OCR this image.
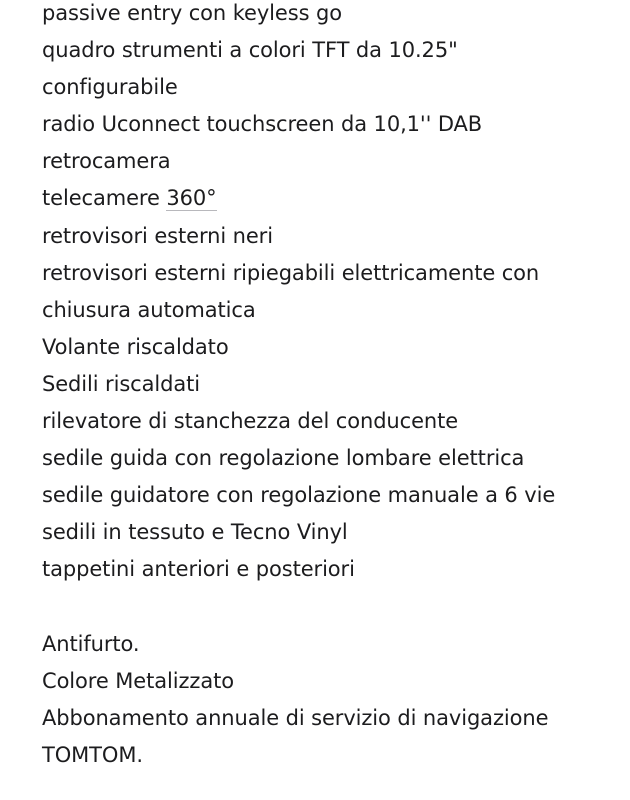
passive entry con keyless go
quadro strumenti a colori TFT da 10.25"
configurabile
radio Uconnect touchscreen da 10,1'' DAB
retrocamera
telecamere 360°
retrovisori esterni neri
retrovisori esterni ripiegabili elettricamente con
chiusura automatica
Volante riscaldato
Sedili riscaldati
rilevatore di stanchezza del conducente
sedile guida con regolazione lombare elettrica
sedile guidatore con regolazione manuale a 6 vie
sedili in tessuto e Tecno Vinyl
tappetini anteriori e posteriori
Antifurto.
Colore Metalizzato
Abbonamento annuale di servizio di navigazione
TOMTOM.
